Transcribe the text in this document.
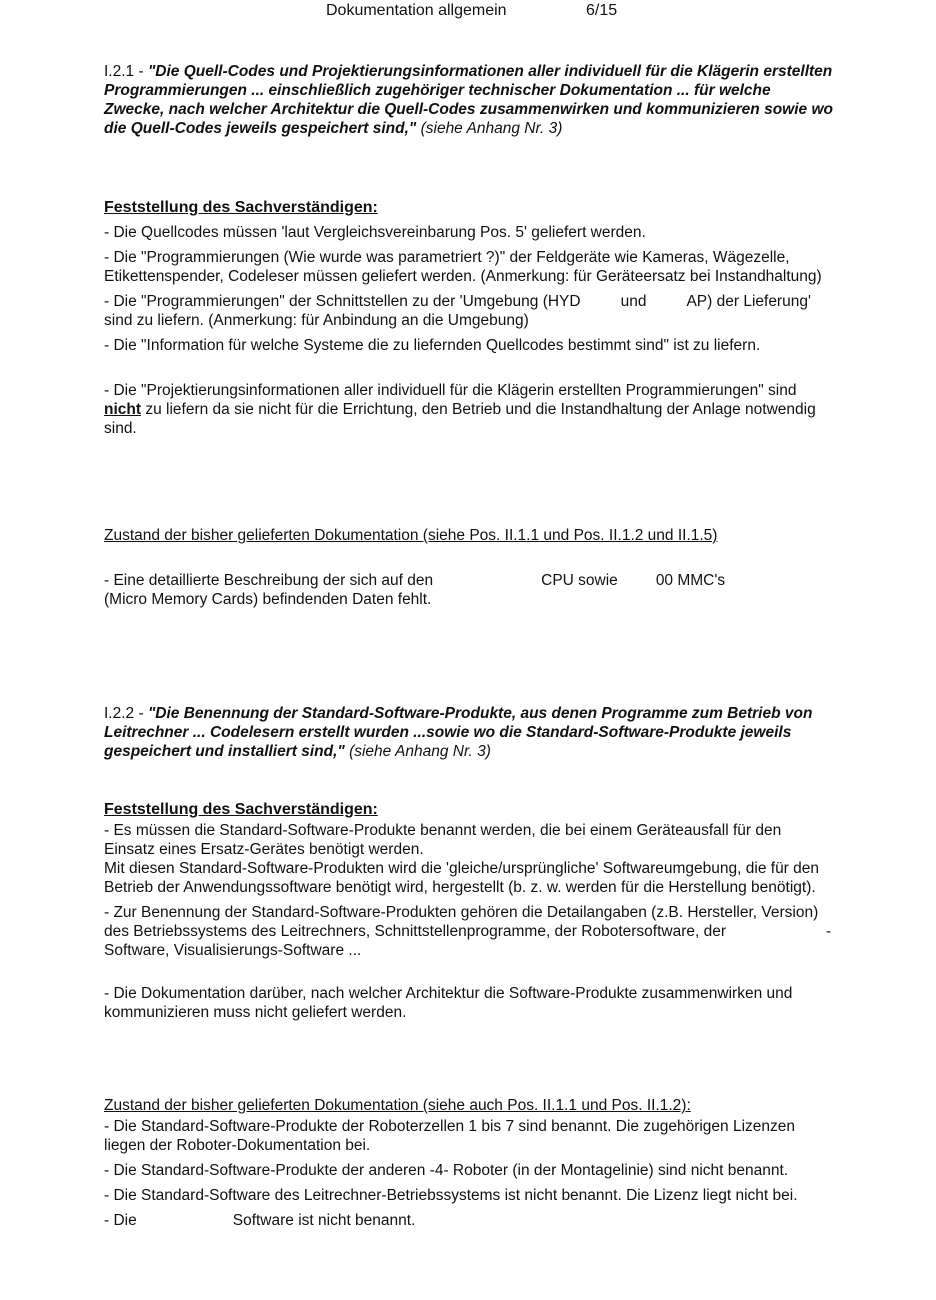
Dokumentation allgemein	6/15
I.2.1 - "Die Quell-Codes und Projektierungsinformationen aller individuell für die Klägerin erstellten Programmierungen ... einschließlich zugehöriger technischer Dokumentation ... für welche Zwecke, nach welcher Architektur die Quell-Codes zusammenwirken und kommunizieren sowie wo die Quell-Codes jeweils gespeichert sind," (siehe Anhang Nr. 3)
Feststellung des Sachverständigen:
- Die Quellcodes müssen 'laut Vergleichsvereinbarung Pos. 5' geliefert werden.
- Die "Programmierungen (Wie wurde was parametriert ?)" der Feldgeräte wie Kameras, Wägezelle, Etikettenspender, Codeleser müssen geliefert werden. (Anmerkung: für Geräteersatz bei Instandhaltung)
- Die "Programmierungen" der Schnittstellen zu der 'Umgebung (HYD	und	AP) der Lieferung' sind zu liefern. (Anmerkung: für Anbindung an die Umgebung)
- Die "Information für welche Systeme die zu liefernden Quellcodes bestimmt sind" ist zu liefern.
- Die "Projektierungsinformationen aller individuell für die Klägerin erstellten Programmierungen" sind nicht zu liefern da sie nicht für die Errichtung, den Betrieb und die Instandhaltung der Anlage notwendig sind.
Zustand der bisher gelieferten Dokumentation (siehe Pos. II.1.1 und Pos. II.1.2 und II.1.5)
- Eine detaillierte Beschreibung der sich auf den	CPU sowie 00 MMC's
(Micro Memory Cards) befindenden Daten fehlt.
I.2.2 - "Die Benennung der Standard-Software-Produkte, aus denen Programme zum Betrieb von Leitrechner ... Codelesern erstellt wurden ...sowie wo die Standard-Software-Produkte jeweils gespeichert und installiert sind," (siehe Anhang Nr. 3)
Feststellung des Sachverständigen:
- Es müssen die Standard-Software-Produkte benannt werden, die bei einem Geräteausfall für den Einsatz eines Ersatz-Gerätes benötigt werden.
Mit diesen Standard-Software-Produkten wird die 'gleiche/ursprüngliche' Softwareumgebung, die für den Betrieb der Anwendungssoftware benötigt wird, hergestellt (b. z. w. werden für die Herstellung benötigt).
- Zur Benennung der Standard-Software-Produkten gehören die Detailangaben (z.B. Hersteller, Version) des Betriebssystems des Leitrechners, Schnittstellenprogramme, der Robotersoftware, der	-Software, Visualisierungs-Software ...
- Die Dokumentation darüber, nach welcher Architektur die Software-Produkte zusammenwirken und kommunizieren muss nicht geliefert werden.
Zustand der bisher gelieferten Dokumentation (siehe auch Pos. II.1.1 und Pos. II.1.2):
- Die Standard-Software-Produkte der Roboterzellen 1 bis 7 sind benannt. Die zugehörigen Lizenzen liegen der Roboter-Dokumentation bei.
- Die Standard-Software-Produkte der anderen -4- Roboter (in der Montagelinie) sind nicht benannt.
- Die Standard-Software des Leitrechner-Betriebssystems ist nicht benannt. Die Lizenz liegt nicht bei.
- Die	Software ist nicht benannt.
